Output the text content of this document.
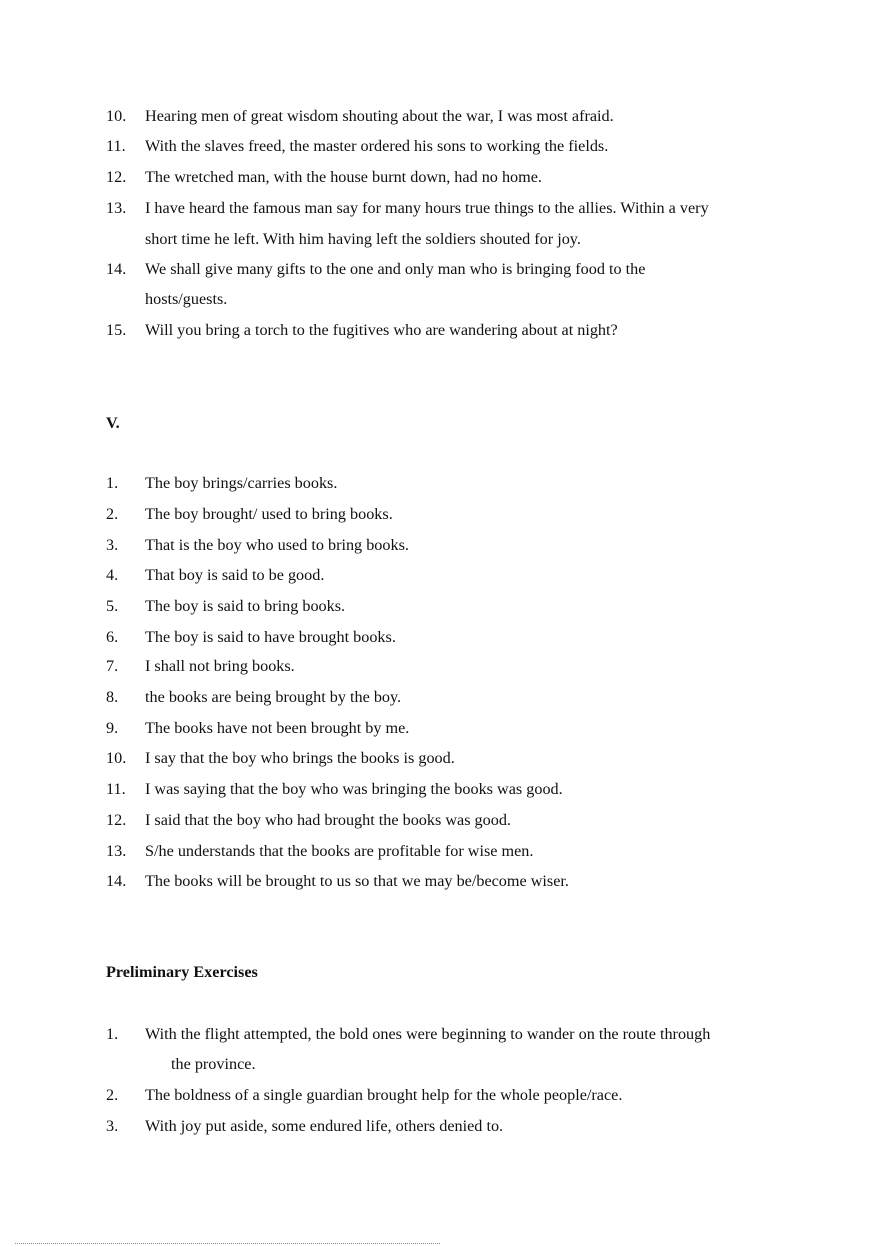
10. Hearing men of great wisdom shouting about the war, I was most afraid.
11. With the slaves freed, the master ordered his sons to working the fields.
12. The wretched man, with the house burnt down, had no home.
13. I have heard the famous man say for many hours true things to the allies. Within a very
short time he left. With him having left the soldiers shouted for joy.
14. We shall give many gifts to the one and only man who is bringing food to the
hosts/guests.
15. Will you bring a torch to the fugitives who are wandering about at night?
V.
1. The boy brings/carries books.
2. The boy brought/ used to bring books.
3. That is the boy who used to bring books.
4. That boy is said to be good.
5. The boy is said to bring books.
6. The boy is said to have brought books.
7. I shall not bring books.
8. the books are being brought by the boy.
9. The books have not been brought by me.
10. I say that the boy who brings the books is good.
11. I was saying that the boy who was bringing the books was good.
12. I said that the boy who had brought the books was good.
13. S/he understands that the books are profitable for wise men.
14. The books will be brought to us so that we may be/become wiser.
Preliminary Exercises
1. With the flight attempted, the bold ones were beginning to wander on the route through
the province.
2. The boldness of a single guardian brought help for the whole people/race.
3. With joy put aside, some endured life, others denied to.
